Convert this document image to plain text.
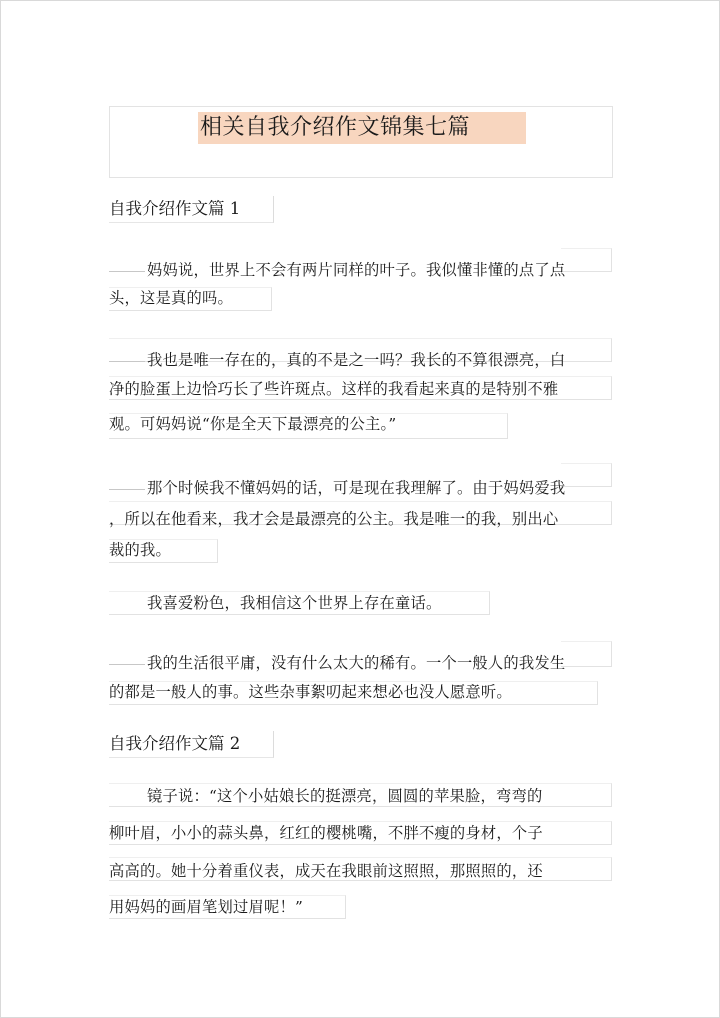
相关自我介绍作文锦集七篇
自我介绍作文篇 1
妈妈说，世界上不会有两片同样的叶子。我似懂非懂的点了点
头，这是真的吗。
我也是唯一存在的，真的不是之一吗？我长的不算很漂亮，白
净的脸蛋上边恰巧长了些许斑点。这样的我看起来真的是特别不雅
观。可妈妈说“你是全天下最漂亮的公主。”
那个时候我不懂妈妈的话，可是现在我理解了。由于妈妈爱我
，所以在他看来，我才会是最漂亮的公主。我是唯一的我，别出心
裁的我。
我喜爱粉色，我相信这个世界上存在童话。
我的生活很平庸，没有什么太大的稀有。一个一般人的我发生
的都是一般人的事。这些杂事絮叨起来想必也没人愿意听。
自我介绍作文篇 2
镜子说：“这个小姑娘长的挺漂亮，圆圆的苹果脸，弯弯的
柳叶眉，小小的蒜头鼻，红红的樱桃嘴，不胖不瘦的身材，个子
高高的。她十分着重仪表，成天在我眼前这照照，那照照的，还
用妈妈的画眉笔划过眉呢！”
